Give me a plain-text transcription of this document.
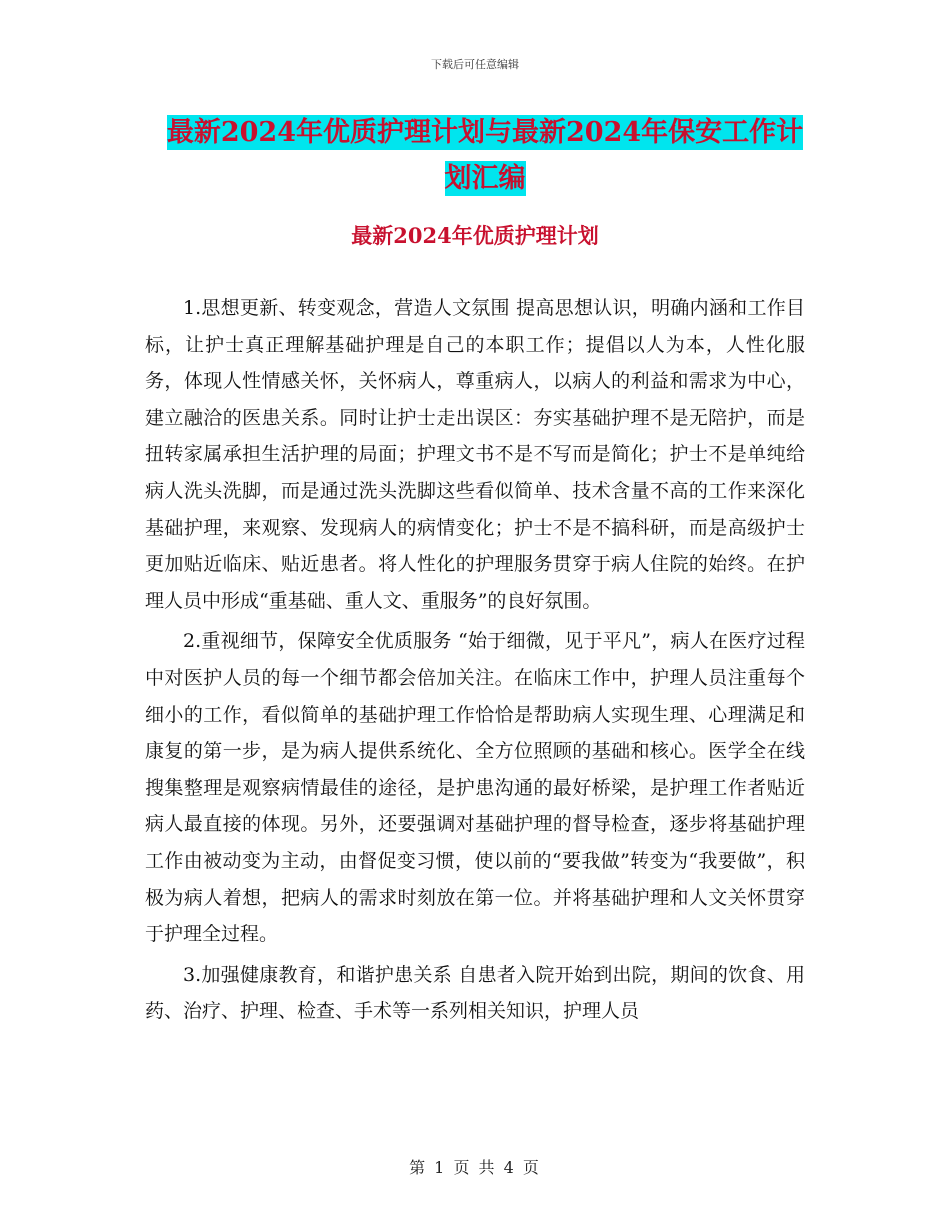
下载后可任意编辑
最新2024年优质护理计划与最新2024年保安工作计
划汇编
最新2024年优质护理计划

1.思想更新、转变观念，营造人文氛围 提高思想认识，明确内涵和工作目标，让护士真正理解基础护理是自己的本职工作；提倡以人为本，人性化服务，体现人性情感关怀，关怀病人，尊重病人，以病人的利益和需求为中心，建立融洽的医患关系。同时让护士走出误区：夯实基础护理不是无陪护，而是扭转家属承担生活护理的局面；护理文书不是不写而是简化；护士不是单纯给病人洗头洗脚，而是通过洗头洗脚这些看似简单、技术含量不高的工作来深化基础护理，来观察、发现病人的病情变化；护士不是不搞科研，而是高级护士更加贴近临床、贴近患者。将人性化的护理服务贯穿于病人住院的始终。在护理人员中形成“重基础、重人文、重服务”的良好氛围。

2.重视细节，保障安全优质服务 “始于细微，见于平凡”，病人在医疗过程中对医护人员的每一个细节都会倍加关注。在临床工作中，护理人员注重每个细小的工作，看似简单的基础护理工作恰恰是帮助病人实现生理、心理满足和康复的第一步，是为病人提供系统化、全方位照顾的基础和核心。医学全在线搜集整理是观察病情最佳的途径，是护患沟通的最好桥梁，是护理工作者贴近病人最直接的体现。另外，还要强调对基础护理的督导检查，逐步将基础护理工作由被动变为主动，由督促变习惯，使以前的“要我做”转变为“我要做”，积极为病人着想，把病人的需求时刻放在第一位。并将基础护理和人文关怀贯穿于护理全过程。

3.加强健康教育，和谐护患关系 自患者入院开始到出院，期间的饮食、用药、治疗、护理、检查、手术等一系列相关知识，护理人员

第 1 页 共 4 页
